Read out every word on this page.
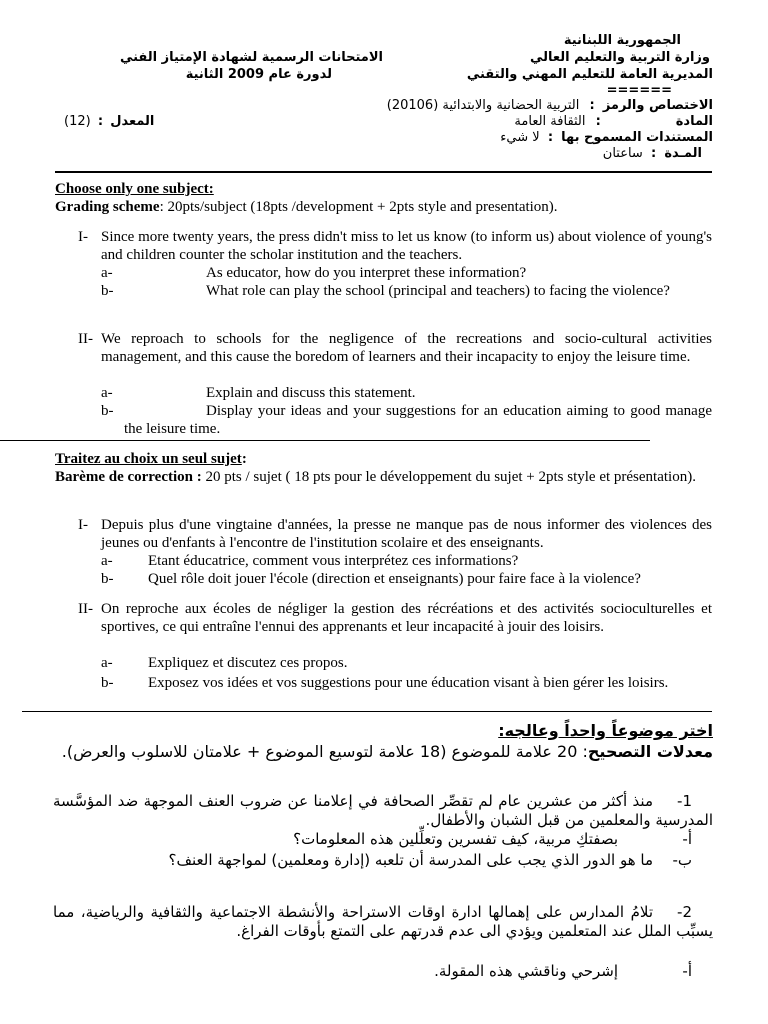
الجمهورية اللبنانية
وزارة التربية والتعليم العالي
المديرية العامة للتعليم المهني والتقني
======
الامتحانات الرسمية لشهادة الإمتياز الفني
لدورة عام 2009 الثانية
الاختصاص والرمز : التربية الحضانية والابتدائية (20106)
المادة : الثقافة العامة
المستندات المسموح بها : لا شيء
المـدة : ساعتان
المعدل : (12)
Choose only one subject:
Grading scheme: 20pts/subject (18pts /development + 2pts style and presentation).
I- Since more twenty years, the press didn't miss to let us know (to inform us) about violence of young's and children counter the scholar institution and the teachers.
a-	As educator, how do you interpret these information?
b-	What role can play the school (principal and teachers) to facing the violence?
II- We reproach to schools for the negligence of the recreations and socio-cultural activities management, and this cause the boredom of learners and their incapacity to enjoy the leisure time.
a-	Explain and discuss this statement.
b-	Display your ideas and your suggestions for an education aiming to good manage the leisure time.
Traitez au choix un seul sujet:
Barème de correction : 20 pts / sujet ( 18 pts pour le développement du sujet + 2pts style et présentation).
I- Depuis plus d'une vingtaine d'années, la presse ne manque pas de nous informer des violences des jeunes ou d'enfants à l'encontre de l'institution scolaire et des enseignants.
a- Etant éducatrice, comment vous interprétez ces informations?
b- Quel rôle doit jouer l'école (direction et enseignants) pour faire face à la violence?
II- On reproche aux écoles de négliger la gestion des récréations et des activités socioculturelles et sportives, ce qui entraîne l'ennui des apprenants et leur incapacité à jouir des loisirs.
a- Expliquez et discutez ces propos.
b-	Exposez vos idées et vos suggestions pour une éducation visant à bien gérer les loisirs.
اختر موضوعاً واحداً وعالجه:
معدلات التصحيح: 20 علامة للموضوع (18 علامة لتوسيع الموضوع + علامتان للاسلوب والعرض).
1-
منذ أكثر من عشرين عام لم تقصِّر الصحافة في إعلامنا عن ضروب العنف الموجهة ضد المؤسَّسة المدرسية والمعلمين من قبل الشبان والأطفال.
أ-
بصفتكِ مربية، كيف تفسرين وتعلِّلين هذه المعلومات؟
ب-
ما هو الدور الذي يجب على المدرسة أن تلعبه (إدارة ومعلمين) لمواجهة العنف؟
2-
تلامُ المدارس على إهمالها ادارة اوقات الاستراحة والأنشطة الاجتماعية والثقافية والرياضية، مما يسبِّب الملل عند المتعلمين ويؤدي الى عدم قدرتهم على التمتع بأوقات الفراغ.
أ-
إشرحي وناقشي هذه المقولة.
